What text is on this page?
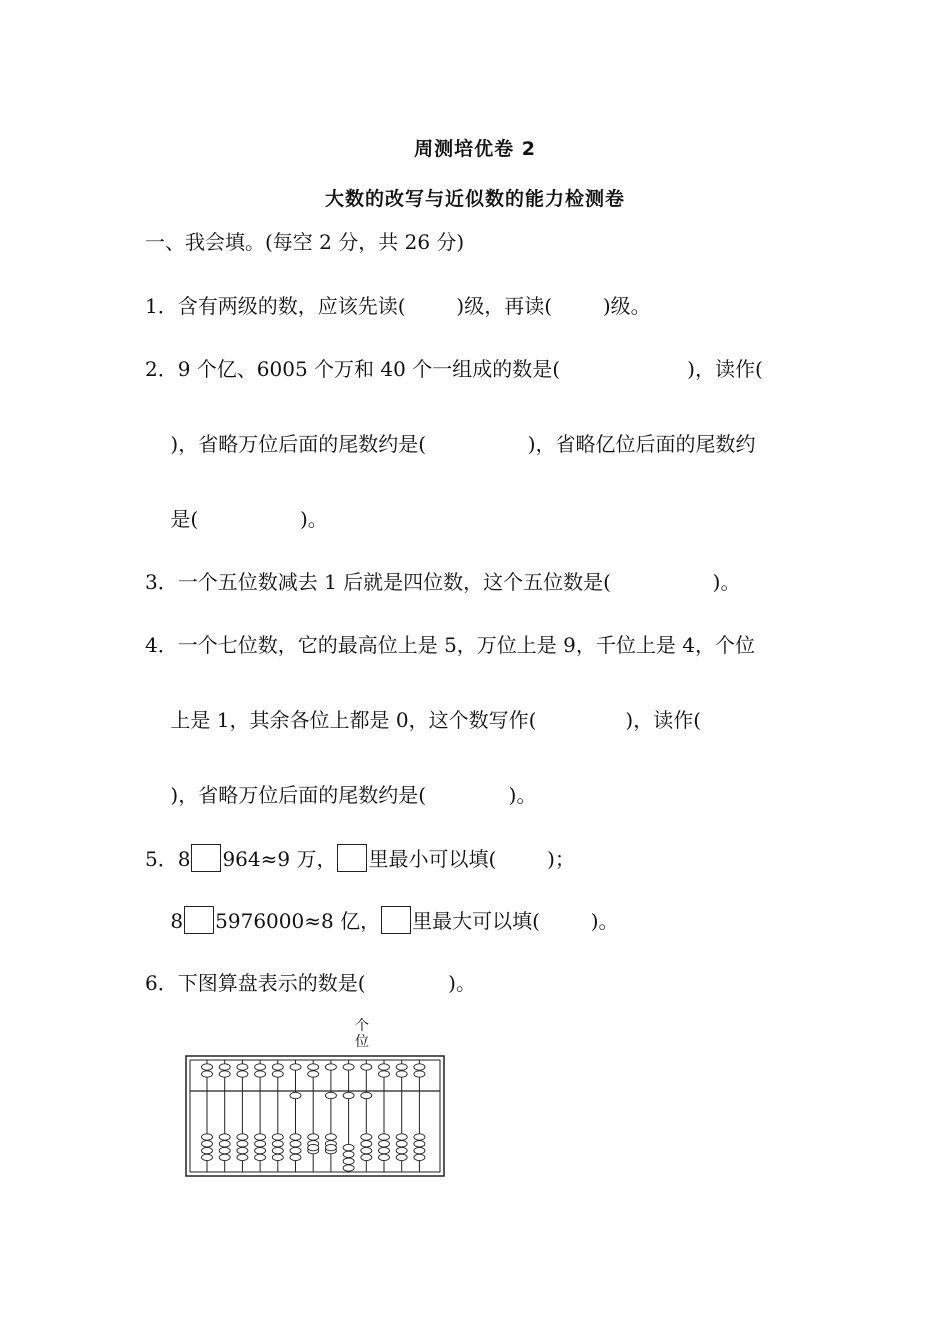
周测培优卷 2
大数的改写与近似数的能力检测卷
一、我会填。(每空 2 分，共 26 分)
1．含有两级的数，应该先读(        )级，再读(        )级。
2．9 个亿、6005 个万和 40 个一组成的数是(                    )，读作(
)，省略万位后面的尾数约是(                )，省略亿位后面的尾数约
是(                )。
3．一个五位数减去 1 后就是四位数，这个五位数是(                )。
4．一个七位数，它的最高位上是 5，万位上是 9，千位上是 4，个位
上是 1，其余各位上都是 0，这个数写作(              )，读作(
)，省略万位后面的尾数约是(             )。
5．8 964≈9 万， 里最小可以填(        )；
8 5976000≈8 亿， 里最大可以填(        )。
6．下图算盘表示的数是(             )。
个
位
